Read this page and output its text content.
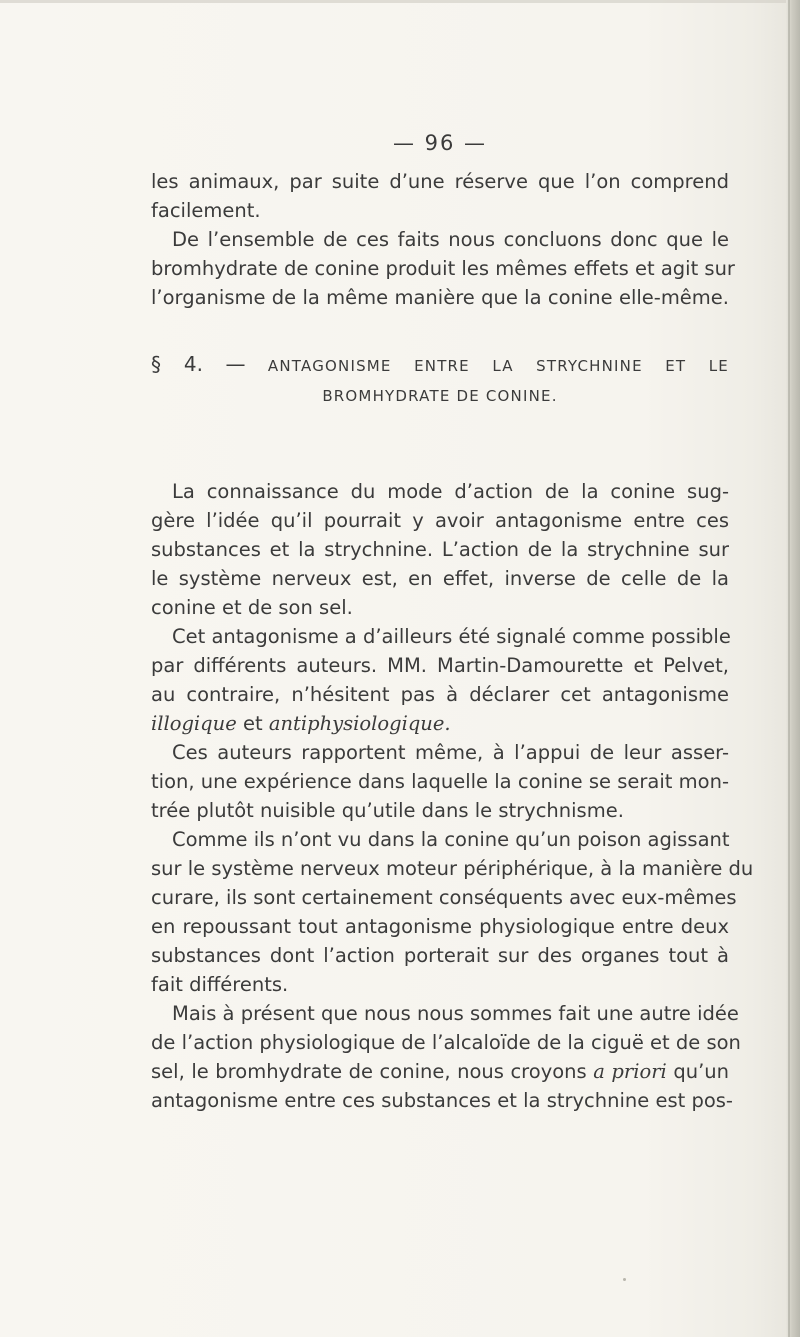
— 96 —
les animaux, par suite d’une réserve que l’on comprend
facilement.
De l’ensemble de ces faits nous concluons donc que le
bromhydrate de conine produit les mêmes effets et agit sur
l’organisme de la même manière que la conine elle-même.
§ 4. — ANTAGONISME ENTRE LA STRYCHNINE ET LE
BROMHYDRATE DE CONINE.
La connaissance du mode d’action de la conine sug-
gère l’idée qu’il pourrait y avoir antagonisme entre ces
substances et la strychnine. L’action de la strychnine sur
le système nerveux est, en effet, inverse de celle de la
conine et de son sel.
Cet antagonisme a d’ailleurs été signalé comme possible
par différents auteurs. MM. Martin-Damourette et Pelvet,
au contraire, n’hésitent pas à déclarer cet antagonisme
illogique et antiphysiologique.
Ces auteurs rapportent même, à l’appui de leur asser-
tion, une expérience dans laquelle la conine se serait mon-
trée plutôt nuisible qu’utile dans le strychnisme.
Comme ils n’ont vu dans la conine qu’un poison agissant
sur le système nerveux moteur périphérique, à la manière du
curare, ils sont certainement conséquents avec eux-mêmes
en repoussant tout antagonisme physiologique entre deux
substances dont l’action porterait sur des organes tout à
fait différents.
Mais à présent que nous nous sommes fait une autre idée
de l’action physiologique de l’alcaloïde de la ciguë et de son
sel, le bromhydrate de conine, nous croyons a priori qu’un
antagonisme entre ces substances et la strychnine est pos-
